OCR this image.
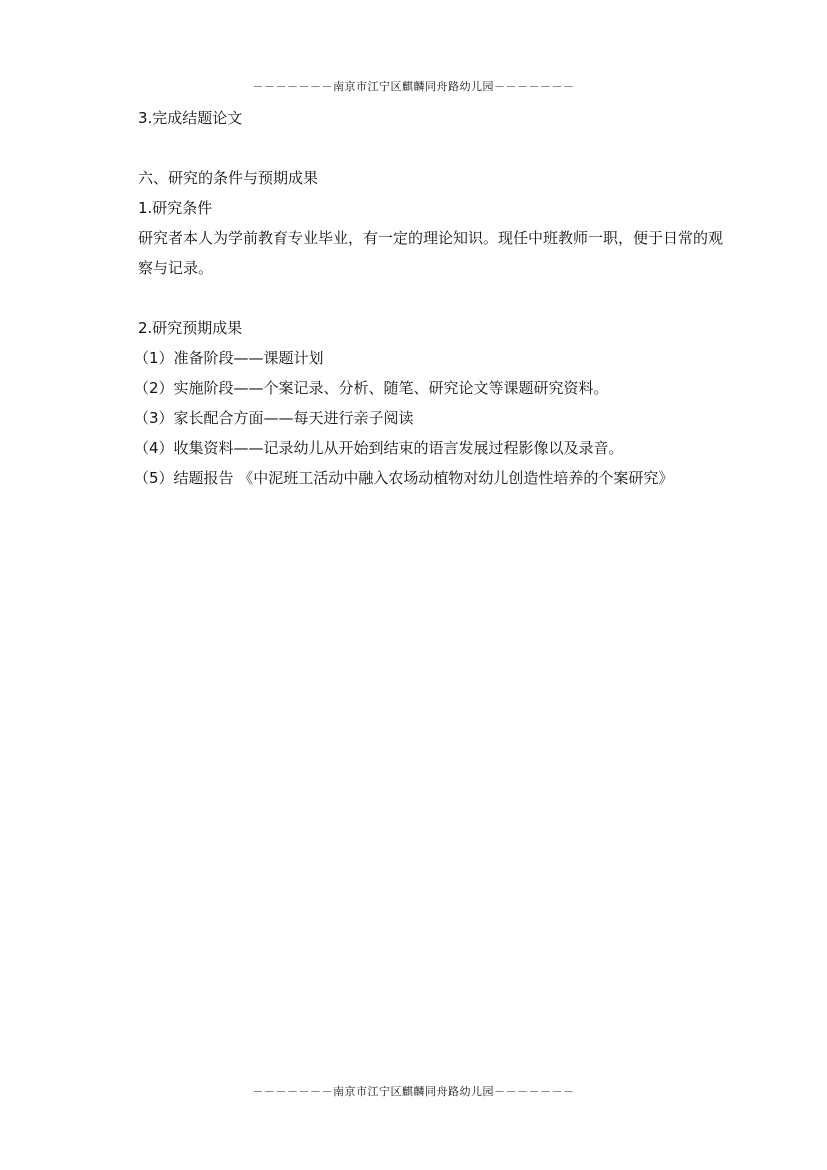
－－－－－－－南京市江宁区麒麟同舟路幼儿园－－－－－－－
3.完成结题论文
六、研究的条件与预期成果
1.研究条件
研究者本人为学前教育专业毕业，有一定的理论知识。现任中班教师一职，便于日常的观察与记录。
2.研究预期成果
（1）准备阶段——课题计划
（2）实施阶段——个案记录、分析、随笔、研究论文等课题研究资料。
（3）家长配合方面——每天进行亲子阅读
（4）收集资料——记录幼儿从开始到结束的语言发展过程影像以及录音。
（5）结题报告 《中泥班工活动中融入农场动植物对幼儿创造性培养的个案研究》
－－－－－－－南京市江宁区麒麟同舟路幼儿园－－－－－－－
